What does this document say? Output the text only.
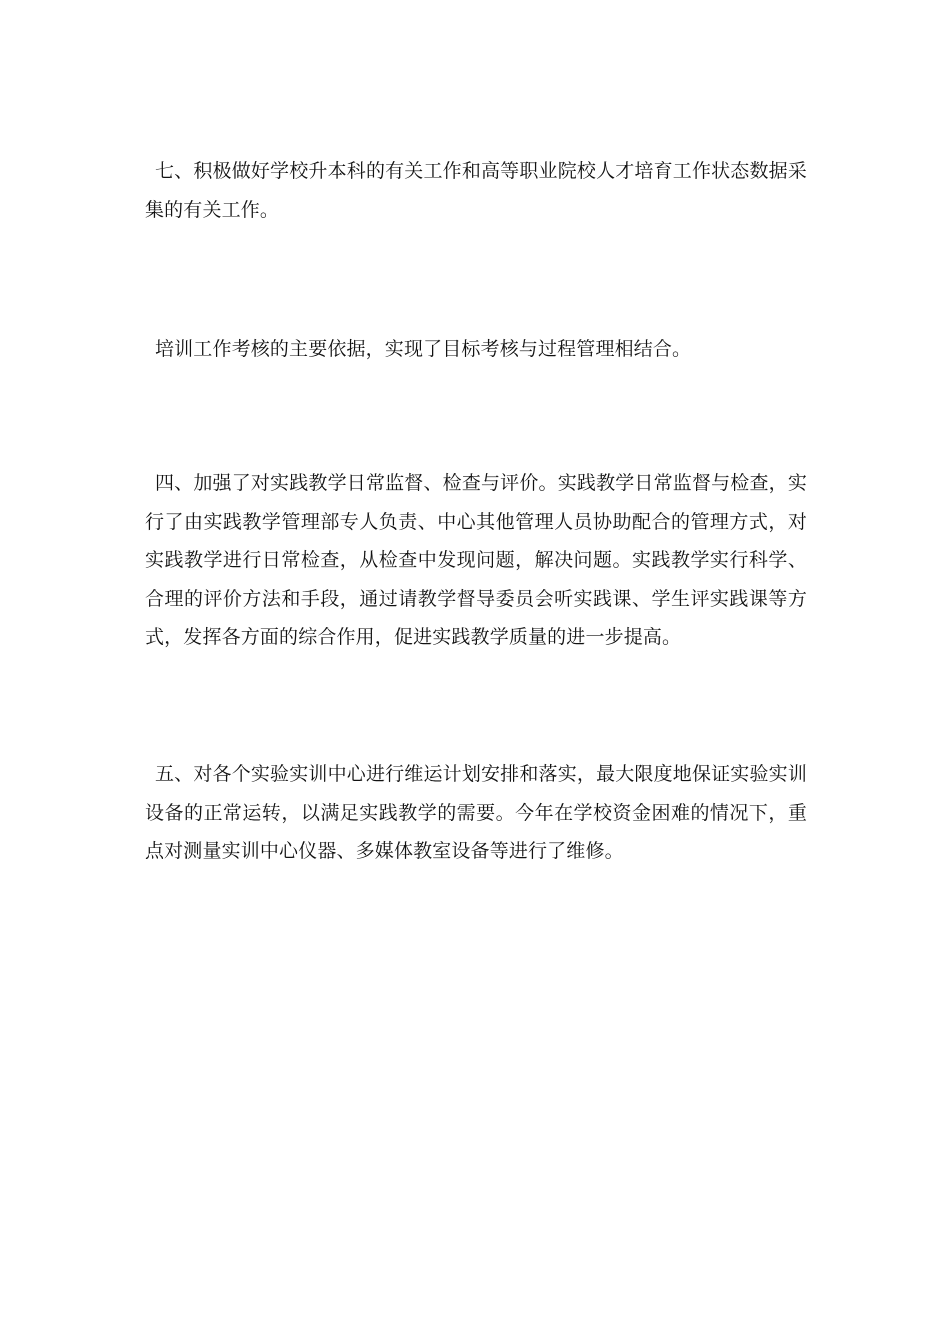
七、积极做好学校升本科的有关工作和高等职业院校人才培育工作状态数据采集的有关工作。

培训工作考核的主要依据，实现了目标考核与过程管理相结合。

四、加强了对实践教学日常监督、检查与评价。实践教学日常监督与检查，实行了由实践教学管理部专人负责、中心其他管理人员协助配合的管理方式，对实践教学进行日常检查，从检查中发现问题，解决问题。实践教学实行科学、合理的评价方法和手段，通过请教学督导委员会听实践课、学生评实践课等方式，发挥各方面的综合作用，促进实践教学质量的进一步提高。

五、对各个实验实训中心进行维运计划安排和落实，最大限度地保证实验实训设备的正常运转，以满足实践教学的需要。今年在学校资金困难的情况下，重点对测量实训中心仪器、多媒体教室设备等进行了维修。
